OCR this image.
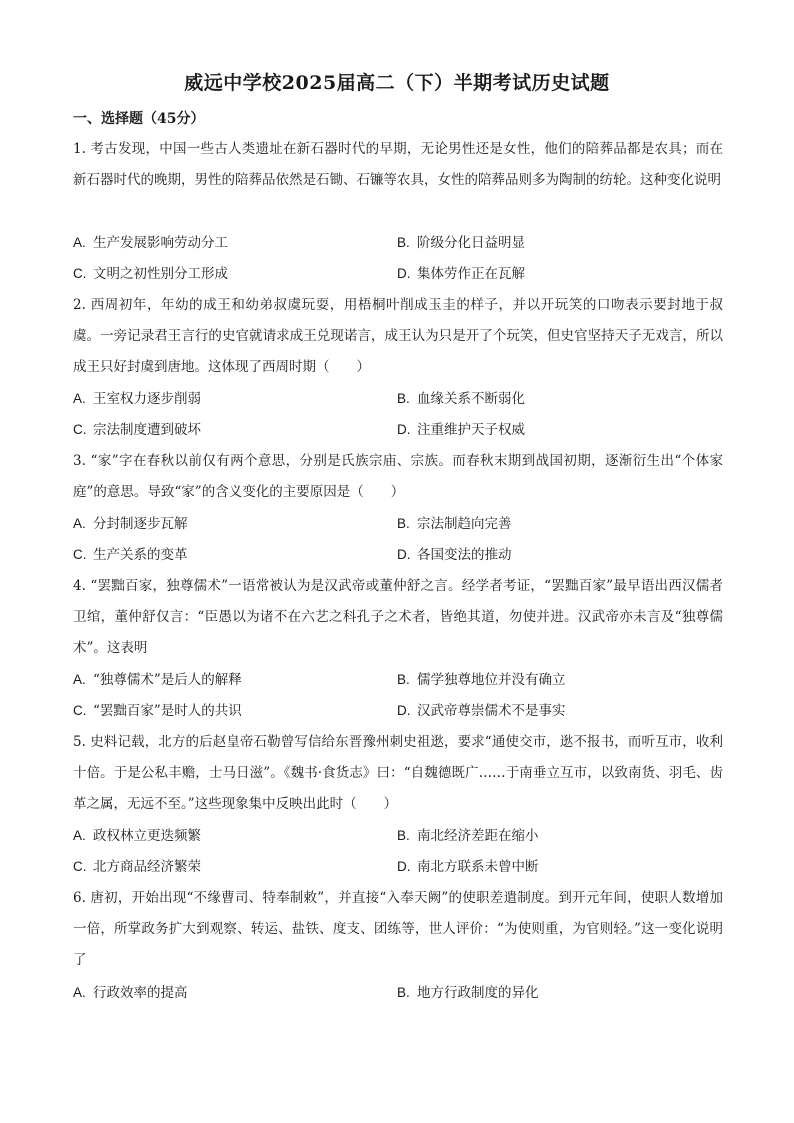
威远中学校2025届高二（下）半期考试历史试题
一、选择题（45分）
1. 考古发现，中国一些古人类遗址在新石器时代的早期，无论男性还是女性，他们的陪葬品都是农具；而在新石器时代的晚期，男性的陪葬品依然是石锄、石镰等农具，女性的陪葬品则多为陶制的纺轮。这种变化说明
A. 生产发展影响劳动分工	B. 阶级分化日益明显
C. 文明之初性别分工形成	D. 集体劳作正在瓦解
2. 西周初年，年幼的成王和幼弟叔虞玩耍，用梧桐叶削成玉圭的样子，并以开玩笑的口吻表示要封地于叔虞。一旁记录君王言行的史官就请求成王兑现诺言，成王认为只是开了个玩笑，但史官坚持天子无戏言，所以成王只好封虞到唐地。这体现了西周时期（　　）
A. 王室权力逐步削弱	B. 血缘关系不断弱化
C. 宗法制度遭到破坏	D. 注重维护天子权威
3. “家”字在春秋以前仅有两个意思，分别是氏族宗庙、宗族。而春秋末期到战国初期，逐渐衍生出“个体家庭”的意思。导致“家”的含义变化的主要原因是（　　）
A. 分封制逐步瓦解	B. 宗法制趋向完善
C. 生产关系的变革	D. 各国变法的推动
4. “罢黜百家，独尊儒术”一语常被认为是汉武帝或董仲舒之言。经学者考证，“罢黜百家”最早语出西汉儒者卫绾，董仲舒仅言：“臣愚以为诸不在六艺之科孔子之术者，皆绝其道，勿使并进。汉武帝亦未言及“独尊儒术”。这表明
A. “独尊儒术”是后人的解释	B. 儒学独尊地位并没有确立
C. “罢黜百家”是时人的共识	D. 汉武帝尊崇儒术不是事实
5. 史料记载，北方的后赵皇帝石勒曾写信给东晋豫州刺史祖逖，要求“通使交市，逖不报书，而听互市，收利十倍。于是公私丰赡，士马日滋”。《魏书·食货志》曰：“自魏德既广……于南垂立互市，以致南货、羽毛、齿革之属，无远不至。”这些现象集中反映出此时（　　）
A. 政权林立更迭频繁	B. 南北经济差距在缩小
C. 北方商品经济繁荣	D. 南北方联系未曾中断
6. 唐初，开始出现“不缘曹司、特奉制敕”，并直接“入奉天阙”的使职差遣制度。到开元年间，使职人数增加一倍，所掌政务扩大到观察、转运、盐铁、度支、团练等，世人评价：“为使则重，为官则轻。”这一变化说明了
A. 行政效率的提高	B. 地方行政制度的异化
